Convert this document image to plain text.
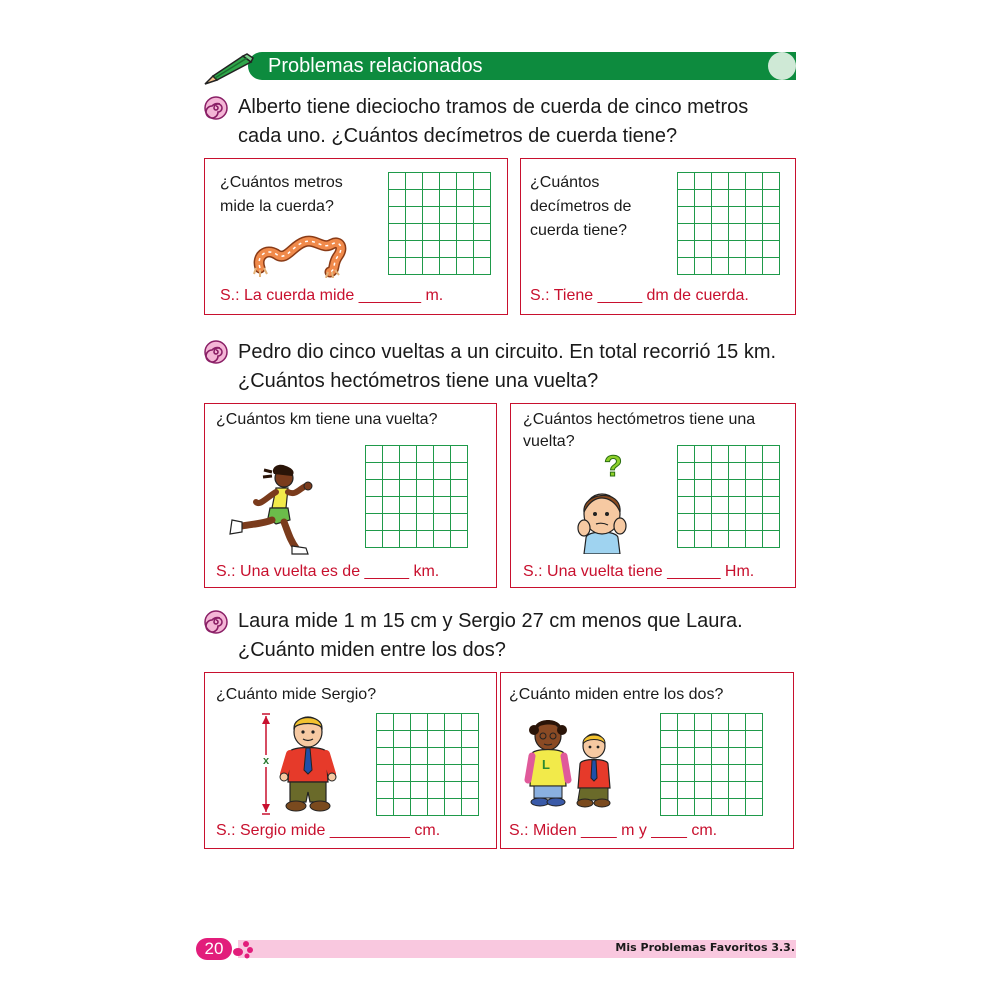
Problemas relacionados
Alberto tiene dieciocho tramos de cuerda de cinco metros
cada uno. ¿Cuántos decímetros de cuerda tiene?
¿Cuántos metros
mide la cuerda?
S.: La cuerda mide _______ m.
¿Cuántos
decímetros de
cuerda tiene?
S.: Tiene _____ dm de cuerda.
Pedro dio cinco vueltas a un circuito. En total recorrió 15 km.
¿Cuántos hectómetros tiene una vuelta?
¿Cuántos km tiene una vuelta?
S.: Una vuelta es de _____ km.
¿Cuántos hectómetros tiene una
vuelta?
?
S.: Una vuelta tiene ______ Hm.
Laura mide 1 m 15 cm y Sergio 27 cm menos que Laura.
¿Cuánto miden entre los dos?
¿Cuánto mide Sergio?
x
S.: Sergio mide _________ cm.
¿Cuánto miden entre los dos?
L
S.: Miden ____ m y ____ cm.
20	Mis Problemas Favoritos 3.3.
